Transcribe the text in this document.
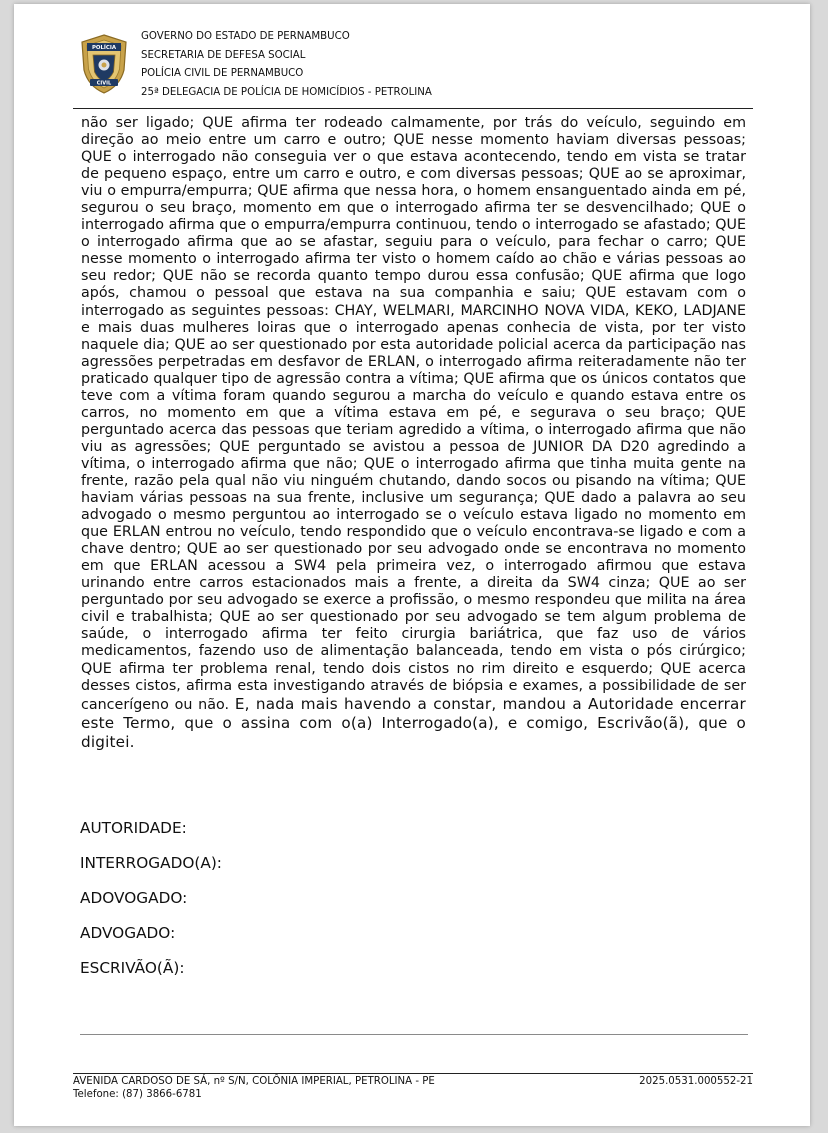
POLÍCIA
CIVIL
GOVERNO DO ESTADO DE PERNAMBUCO
SECRETARIA DE DEFESA SOCIAL
POLÍCIA CIVIL DE PERNAMBUCO
25ª DELEGACIA DE POLÍCIA DE HOMICÍDIOS - PETROLINA

não ser ligado; QUE afirma ter rodeado calmamente, por trás do veículo, seguindo em direção ao meio entre um carro e outro; QUE nesse momento haviam diversas pessoas; QUE o interrogado não conseguia ver o que estava acontecendo, tendo em vista se tratar de pequeno espaço, entre um carro e outro, e com diversas pessoas; QUE ao se aproximar, viu o empurra/empurra; QUE afirma que nessa hora, o homem ensanguentado ainda em pé, segurou o seu braço, momento em que o interrogado afirma ter se desvencilhado; QUE o interrogado afirma que o empurra/empurra continuou, tendo o interrogado se afastado; QUE o interrogado afirma que ao se afastar, seguiu para o veículo, para fechar o carro; QUE nesse momento o interrogado afirma ter visto o homem caído ao chão e várias pessoas ao seu redor; QUE não se recorda quanto tempo durou essa confusão; QUE afirma que logo após, chamou o pessoal que estava na sua companhia e saiu; QUE estavam com o interrogado as seguintes pessoas: CHAY, WELMARI, MARCINHO NOVA VIDA, KEKO, LADJANE e mais duas mulheres loiras que o interrogado apenas conhecia de vista, por ter visto naquele dia; QUE ao ser questionado por esta autoridade policial acerca da participação nas agressões perpetradas em desfavor de ERLAN, o interrogado afirma reiteradamente não ter praticado qualquer tipo de agressão contra a vítima; QUE afirma que os únicos contatos que teve com a vítima foram quando segurou a marcha do veículo e quando estava entre os carros, no momento em que a vítima estava em pé, e segurava o seu braço; QUE perguntado acerca das pessoas que teriam agredido a vítima, o interrogado afirma que não viu as agressões; QUE perguntado se avistou a pessoa de JUNIOR DA D20 agredindo a vítima, o interrogado afirma que não; QUE o interrogado afirma que tinha muita gente na frente, razão pela qual não viu ninguém chutando, dando socos ou pisando na vítima; QUE haviam várias pessoas na sua frente, inclusive um segurança; QUE dado a palavra ao seu advogado o mesmo perguntou ao interrogado se o veículo estava ligado no momento em que ERLAN entrou no veículo, tendo respondido que o veículo encontrava-se ligado e com a chave dentro; QUE ao ser questionado por seu advogado onde se encontrava no momento em que ERLAN acessou a SW4 pela primeira vez, o interrogado afirmou que estava urinando entre carros estacionados mais a frente, a direita da SW4 cinza; QUE ao ser perguntado por seu advogado se exerce a profissão, o mesmo respondeu que milita na área civil e trabalhista; QUE ao ser questionado por seu advogado se tem algum problema de saúde, o interrogado afirma ter feito cirurgia bariátrica, que faz uso de vários medicamentos, fazendo uso de alimentação balanceada, tendo em vista o pós cirúrgico; QUE afirma ter problema renal, tendo dois cistos no rim direito e esquerdo; QUE acerca desses cistos, afirma esta investigando através de biópsia e exames, a possibilidade de ser cancerígeno ou não. E, nada mais havendo a constar, mandou a Autoridade encerrar este Termo, que o assina com o(a) Interrogado(a), e comigo, Escrivão(ã), que o digitei.

AUTORIDADE:
INTERROGADO(A):
ADOVOGADO:
ADVOGADO:
ESCRIVÃO(Ã):
AVENIDA CARDOSO DE SÁ, nº S/N, COLÔNIA IMPERIAL, PETROLINA - PE
Telefone: (87) 3866-6781
2025.0531.000552-21
